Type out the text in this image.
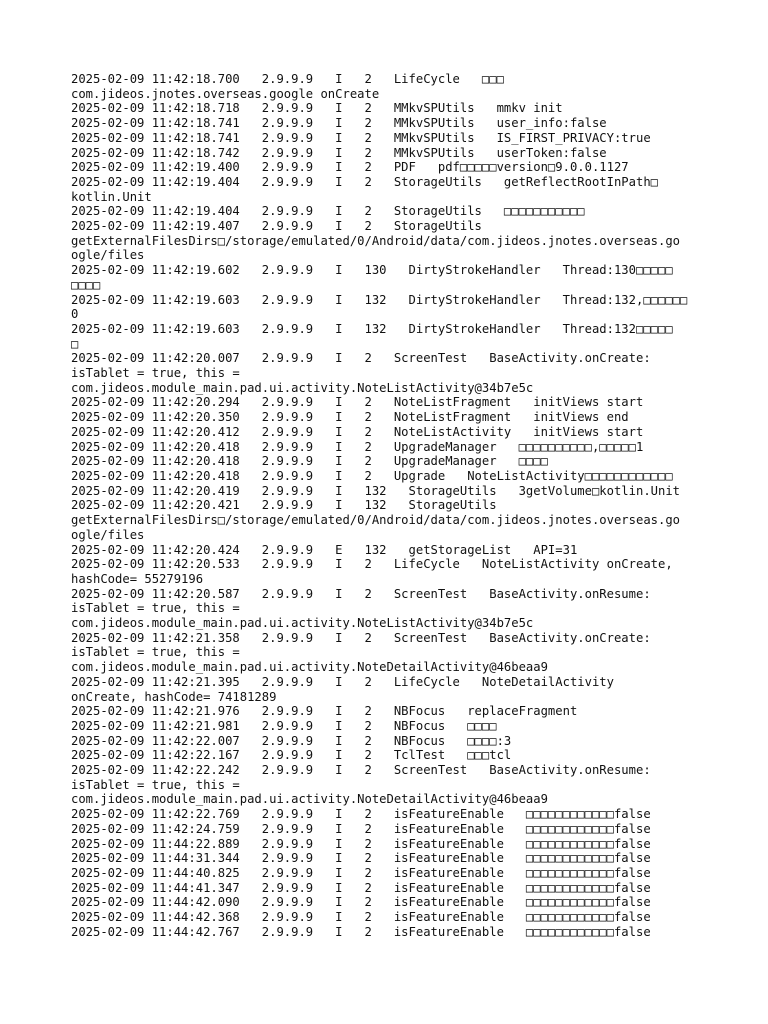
2025-02-09 11:42:18.700   2.9.9.9   I   2   LifeCycle   □□□
com.jideos.jnotes.overseas.google onCreate
2025-02-09 11:42:18.718   2.9.9.9   I   2   MMkvSPUtils   mmkv init
2025-02-09 11:42:18.741   2.9.9.9   I   2   MMkvSPUtils   user_info:false
2025-02-09 11:42:18.741   2.9.9.9   I   2   MMkvSPUtils   IS_FIRST_PRIVACY:true
2025-02-09 11:42:18.742   2.9.9.9   I   2   MMkvSPUtils   userToken:false
2025-02-09 11:42:19.400   2.9.9.9   I   2   PDF   pdf□□□□□version□9.0.0.1127
2025-02-09 11:42:19.404   2.9.9.9   I   2   StorageUtils   getReflectRootInPath□
kotlin.Unit
2025-02-09 11:42:19.404   2.9.9.9   I   2   StorageUtils   □□□□□□□□□□□
2025-02-09 11:42:19.407   2.9.9.9   I   2   StorageUtils
getExternalFilesDirs□/storage/emulated/0/Android/data/com.jideos.jnotes.overseas.go
ogle/files
2025-02-09 11:42:19.602   2.9.9.9   I   130   DirtyStrokeHandler   Thread:130□□□□□
□□□□
2025-02-09 11:42:19.603   2.9.9.9   I   132   DirtyStrokeHandler   Thread:132,□□□□□□
0
2025-02-09 11:42:19.603   2.9.9.9   I   132   DirtyStrokeHandler   Thread:132□□□□□
□
2025-02-09 11:42:20.007   2.9.9.9   I   2   ScreenTest   BaseActivity.onCreate:
isTablet = true, this =
com.jideos.module_main.pad.ui.activity.NoteListActivity@34b7e5c
2025-02-09 11:42:20.294   2.9.9.9   I   2   NoteListFragment   initViews start
2025-02-09 11:42:20.350   2.9.9.9   I   2   NoteListFragment   initViews end
2025-02-09 11:42:20.412   2.9.9.9   I   2   NoteListActivity   initViews start
2025-02-09 11:42:20.418   2.9.9.9   I   2   UpgradeManager   □□□□□□□□□□,□□□□□1
2025-02-09 11:42:20.418   2.9.9.9   I   2   UpgradeManager   □□□□
2025-02-09 11:42:20.418   2.9.9.9   I   2   Upgrade   NoteListActivity□□□□□□□□□□□□
2025-02-09 11:42:20.419   2.9.9.9   I   132   StorageUtils   3getVolume□kotlin.Unit
2025-02-09 11:42:20.421   2.9.9.9   I   132   StorageUtils
getExternalFilesDirs□/storage/emulated/0/Android/data/com.jideos.jnotes.overseas.go
ogle/files
2025-02-09 11:42:20.424   2.9.9.9   E   132   getStorageList   API=31
2025-02-09 11:42:20.533   2.9.9.9   I   2   LifeCycle   NoteListActivity onCreate,
hashCode= 55279196
2025-02-09 11:42:20.587   2.9.9.9   I   2   ScreenTest   BaseActivity.onResume:
isTablet = true, this =
com.jideos.module_main.pad.ui.activity.NoteListActivity@34b7e5c
2025-02-09 11:42:21.358   2.9.9.9   I   2   ScreenTest   BaseActivity.onCreate:
isTablet = true, this =
com.jideos.module_main.pad.ui.activity.NoteDetailActivity@46beaa9
2025-02-09 11:42:21.395   2.9.9.9   I   2   LifeCycle   NoteDetailActivity
onCreate, hashCode= 74181289
2025-02-09 11:42:21.976   2.9.9.9   I   2   NBFocus   replaceFragment
2025-02-09 11:42:21.981   2.9.9.9   I   2   NBFocus   □□□□
2025-02-09 11:42:22.007   2.9.9.9   I   2   NBFocus   □□□□:3
2025-02-09 11:42:22.167   2.9.9.9   I   2   TclTest   □□□tcl
2025-02-09 11:42:22.242   2.9.9.9   I   2   ScreenTest   BaseActivity.onResume:
isTablet = true, this =
com.jideos.module_main.pad.ui.activity.NoteDetailActivity@46beaa9
2025-02-09 11:42:22.769   2.9.9.9   I   2   isFeatureEnable   □□□□□□□□□□□□false
2025-02-09 11:42:24.759   2.9.9.9   I   2   isFeatureEnable   □□□□□□□□□□□□false
2025-02-09 11:44:22.889   2.9.9.9   I   2   isFeatureEnable   □□□□□□□□□□□□false
2025-02-09 11:44:31.344   2.9.9.9   I   2   isFeatureEnable   □□□□□□□□□□□□false
2025-02-09 11:44:40.825   2.9.9.9   I   2   isFeatureEnable   □□□□□□□□□□□□false
2025-02-09 11:44:41.347   2.9.9.9   I   2   isFeatureEnable   □□□□□□□□□□□□false
2025-02-09 11:44:42.090   2.9.9.9   I   2   isFeatureEnable   □□□□□□□□□□□□false
2025-02-09 11:44:42.368   2.9.9.9   I   2   isFeatureEnable   □□□□□□□□□□□□false
2025-02-09 11:44:42.767   2.9.9.9   I   2   isFeatureEnable   □□□□□□□□□□□□false
